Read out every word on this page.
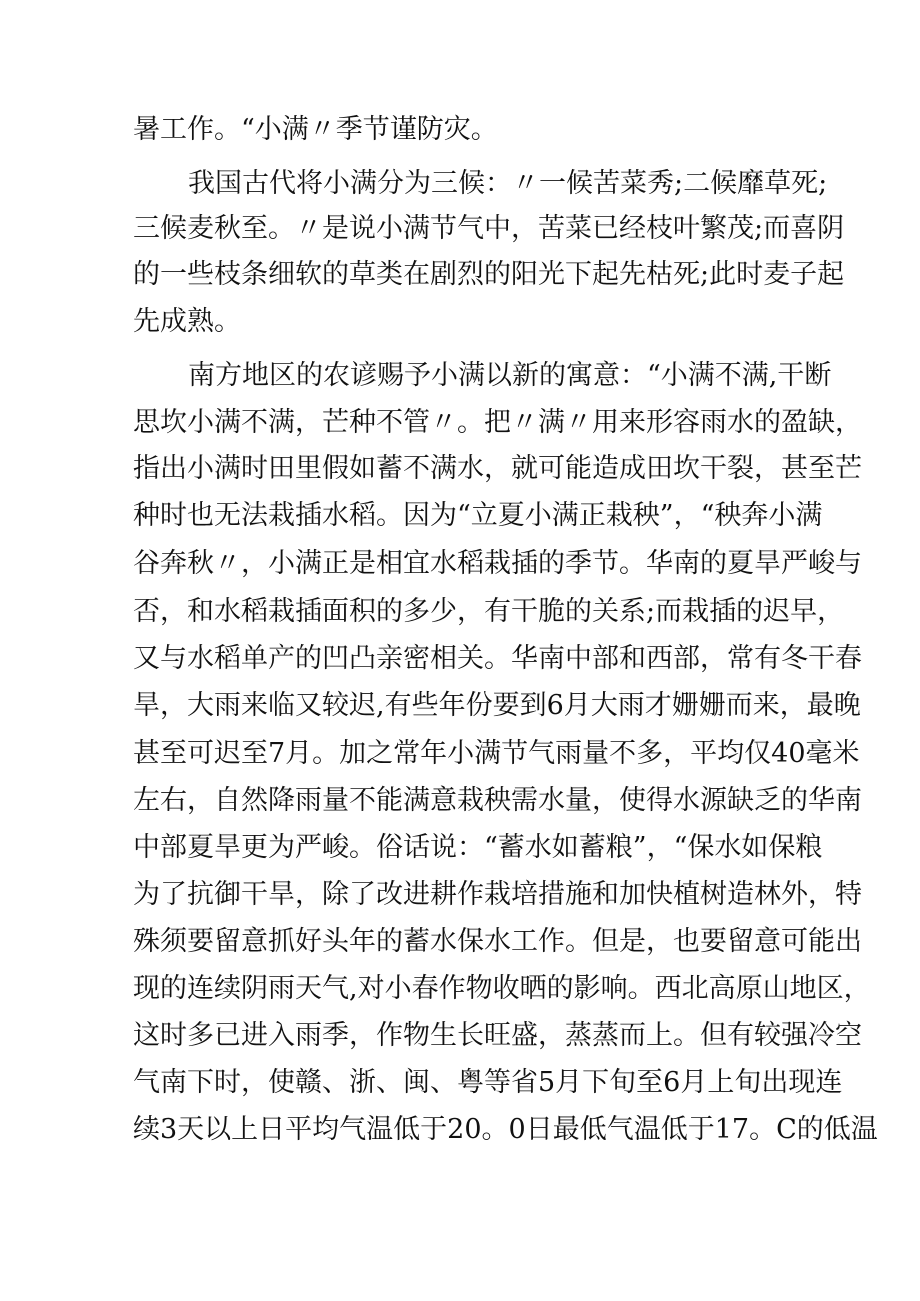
暑工作。“小满〃季节谨防灾。
我国古代将小满分为三候：〃一候苦菜秀;二候靡草死;
三候麦秋至。〃是说小满节气中，苦菜已经枝叶繁茂;而喜阴
的一些枝条细软的草类在剧烈的阳光下起先枯死;此时麦子起
先成熟。
南方地区的农谚赐予小满以新的寓意：“小满不满,干断
思坎小满不满，芒种不管〃。把〃满〃用来形容雨水的盈缺，
指出小满时田里假如蓄不满水，就可能造成田坎干裂，甚至芒
种时也无法栽插水稻。因为“立夏小满正栽秧”，“秧奔小满
谷奔秋〃，小满正是相宜水稻栽插的季节。华南的夏旱严峻与
否，和水稻栽插面积的多少，有干脆的关系;而栽插的迟早，
又与水稻单产的凹凸亲密相关。华南中部和西部，常有冬干春
旱，大雨来临又较迟,有些年份要到6月大雨才姗姗而来，最晚
甚至可迟至7月。加之常年小满节气雨量不多，平均仅40毫米
左右，自然降雨量不能满意栽秧需水量，使得水源缺乏的华南
中部夏旱更为严峻。俗话说：“蓄水如蓄粮”，“保水如保粮
为了抗御干旱，除了改进耕作栽培措施和加快植树造林外，特
殊须要留意抓好头年的蓄水保水工作。但是，也要留意可能出
现的连续阴雨天气,对小春作物收晒的影响。西北高原山地区，
这时多已进入雨季，作物生长旺盛，蒸蒸而上。但有较强冷空
气南下时，使赣、浙、闽、粤等省5月下旬至6月上旬出现连
续3天以上日平均气温低于20。0日最低气温低于17。C的低温
